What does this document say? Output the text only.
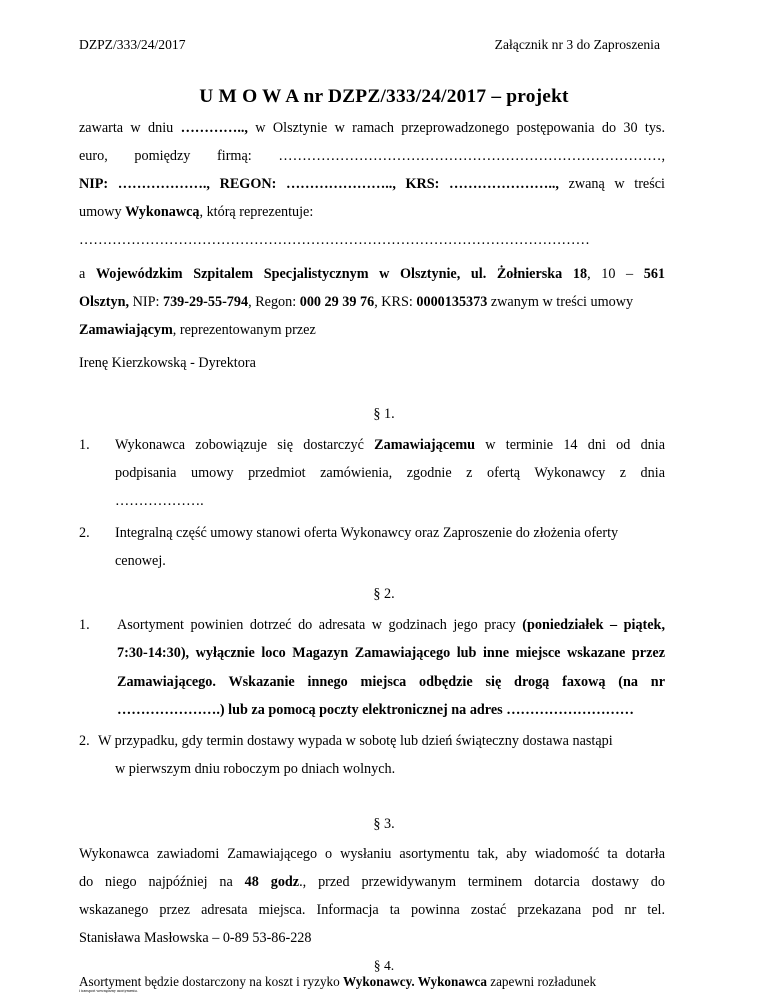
DZPZ/333/24/2017	Załącznik nr 3 do Zaproszenia
U M O W A nr DZPZ/333/24/2017 – projekt
zawarta w dniu ………….., w Olsztynie w ramach przeprowadzonego postępowania do 30 tys.
euro, pomiędzy firmą: ………………………………………………………………………,
NIP: ………………., REGON: ………………….., KRS: ………………….., zwaną w treści
umowy Wykonawcą, którą reprezentuje:
………………………………………………………………………………………………
a Wojewódzkim Szpitalem Specjalistycznym w Olsztynie, ul. Żołnierska 18, 10 – 561
Olsztyn, NIP: 739-29-55-794, Regon: 000 29 39 76, KRS: 0000135373 zwanym w treści umowy
Zamawiającym, reprezentowanym przez
Irenę Kierzkowską - Dyrektora
§ 1.
1. Wykonawca zobowiązuje się dostarczyć Zamawiającemu w terminie 14 dni od dnia
podpisania umowy przedmiot zamówienia, zgodnie z ofertą Wykonawcy z dnia
……………….
2. Integralną część umowy stanowi oferta Wykonawcy oraz Zaproszenie do złożenia oferty
cenowej.
§ 2.
1. Asortyment powinien dotrzeć do adresata w godzinach jego pracy (poniedziałek – piątek,
7:30-14:30), wyłącznie loco Magazyn Zamawiającego lub inne miejsce wskazane przez
Zamawiającego. Wskazanie innego miejsca odbędzie się drogą faxową (na nr
………………….) lub za pomocą poczty elektronicznej na adres ………………………
2. W przypadku, gdy termin dostawy wypada w sobotę lub dzień świąteczny dostawa nastąpi
w pierwszym dniu roboczym po dniach wolnych.
§ 3.
Wykonawca zawiadomi Zamawiającego o wysłaniu asortymentu tak, aby wiadomość ta dotarła
do niego najpóźniej na 48 godz., przed przewidywanym terminem dotarcia dostawy do
wskazanego przez adresata miejsca. Informacja ta powinna zostać przekazana pod nr tel.
Stanisława Masłowska – 0-89 53-86-228
§ 4.
Asortyment będzie dostarczony na koszt i ryzyko Wykonawcy. Wykonawca zapewni rozładunek
i transport wewnętrzny asortymentu.
